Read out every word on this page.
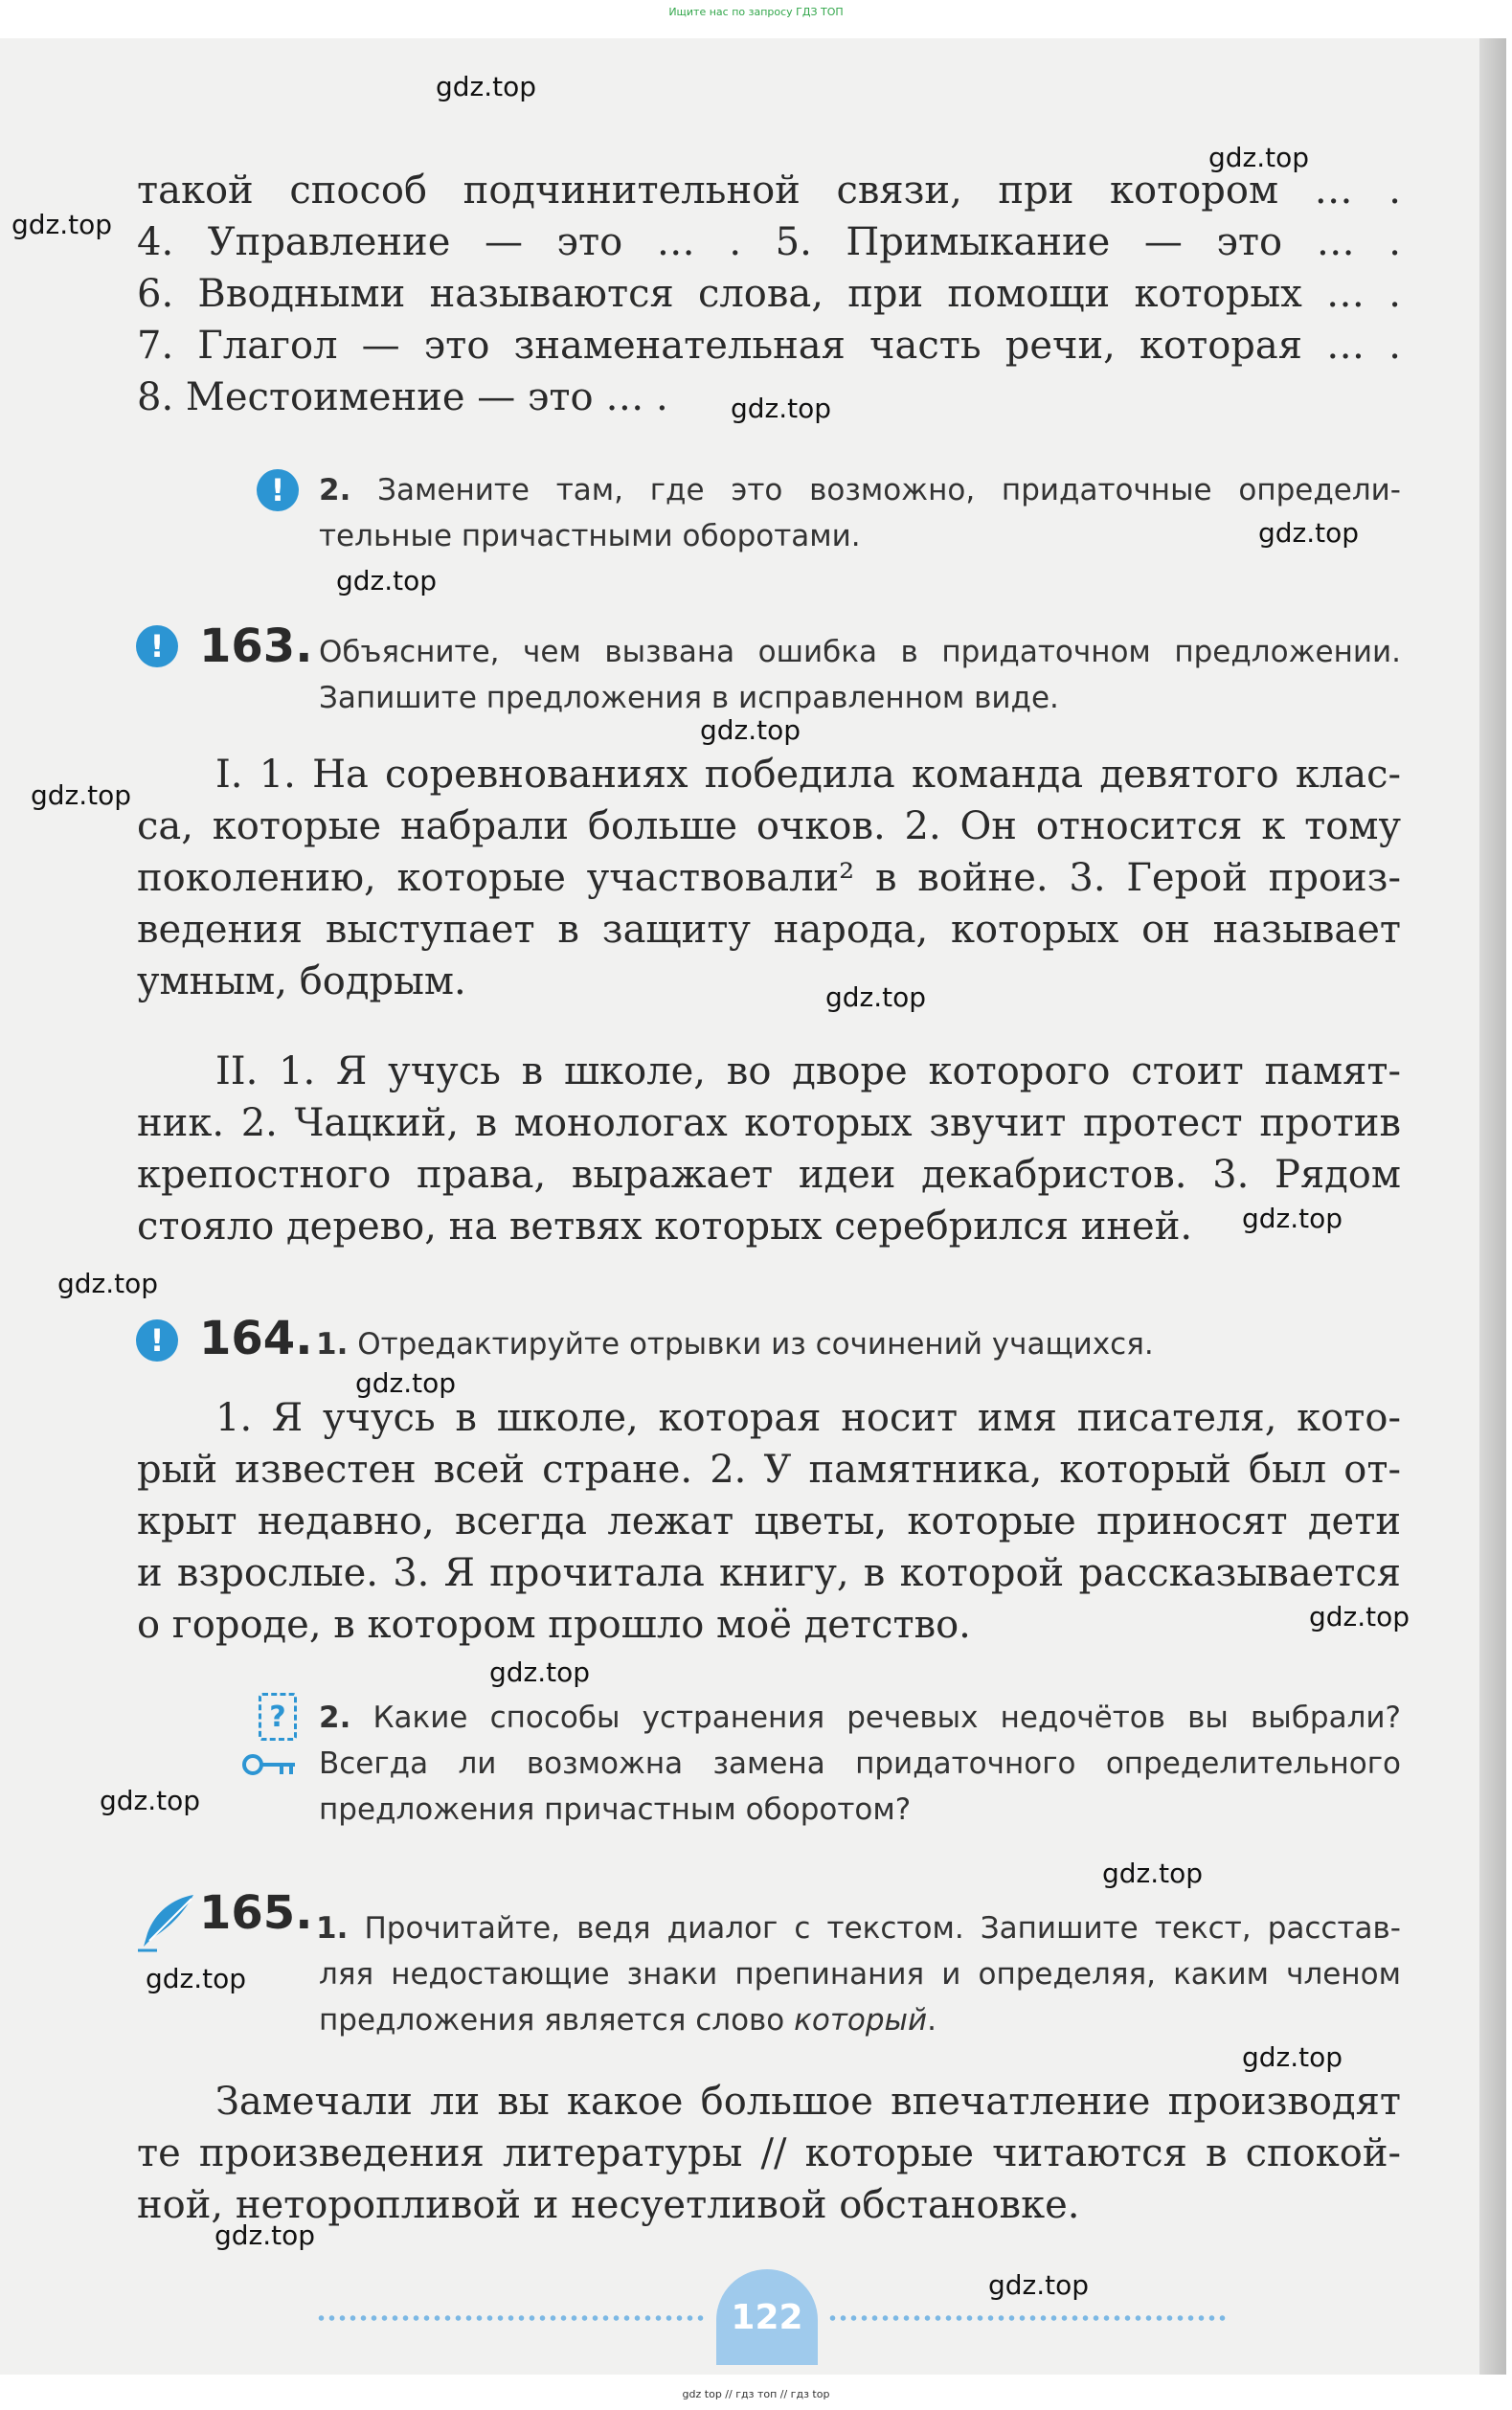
Ищите нас по запросу ГДЗ ТОП
такой способ подчинительной связи, при котором … .
4. Управление — это … . 5. Примыкание — это … .
6. Вводными называются слова, при помощи которых … .
7. Глагол — это знаменательная часть речи, которая … .
8. Местоимение — это … .
!	2. Замените там, где это возможно, придаточные определи-
тельные причастными оборотами.
! 163. Объясните, чем вызвана ошибка в придаточном предложении.
Запишите предложения в исправленном виде.
I. 1. На соревнованиях победила команда девятого клас-
са, которые набрали больше очков. 2. Он относится к тому
поколению, которые участвовали² в войне. 3. Герой произ-
ведения выступает в защиту народа, которых он называет
умным, бодрым.
II. 1. Я учусь в школе, во дворе которого стоит памят-
ник. 2. Чацкий, в монологах которых звучит протест против
крепостного права, выражает идеи декабристов. 3. Рядом
стояло дерево, на ветвях которых серебрился иней.
! 164. 1. Отредактируйте отрывки из сочинений учащихся.
1. Я учусь в школе, которая носит имя писателя, кото-
рый известен всей стране. 2. У памятника, который был от-
крыт недавно, всегда лежат цветы, которые приносят дети
и взрослые. 3. Я прочитала книгу, в которой рассказывается
о городе, в котором прошло моё детство.
?	2. Какие способы устранения речевых недочётов вы выбрали?
Всегда ли возможна замена придаточного определительного
предложения причастным оборотом?
165. 1. Прочитайте, ведя диалог с текстом. Запишите текст, расстав-
ляя недостающие знаки препинания и определяя, каким членом
предложения является слово который.
Замечали ли вы какое большое впечатление производят
те произведения литературы // которые читаются в спокой-
ной, неторопливой и несуетливой обстановке.
122
gdz.top
gdz.top
gdz.top
gdz.top
gdz.top
gdz.top
gdz.top
gdz.top
gdz.top
gdz.top
gdz.top
gdz.top
gdz.top
gdz.top
gdz.top
gdz.top
gdz.top
gdz.top
gdz.top
gdz.top
gdz top // гдз топ // гдз top
